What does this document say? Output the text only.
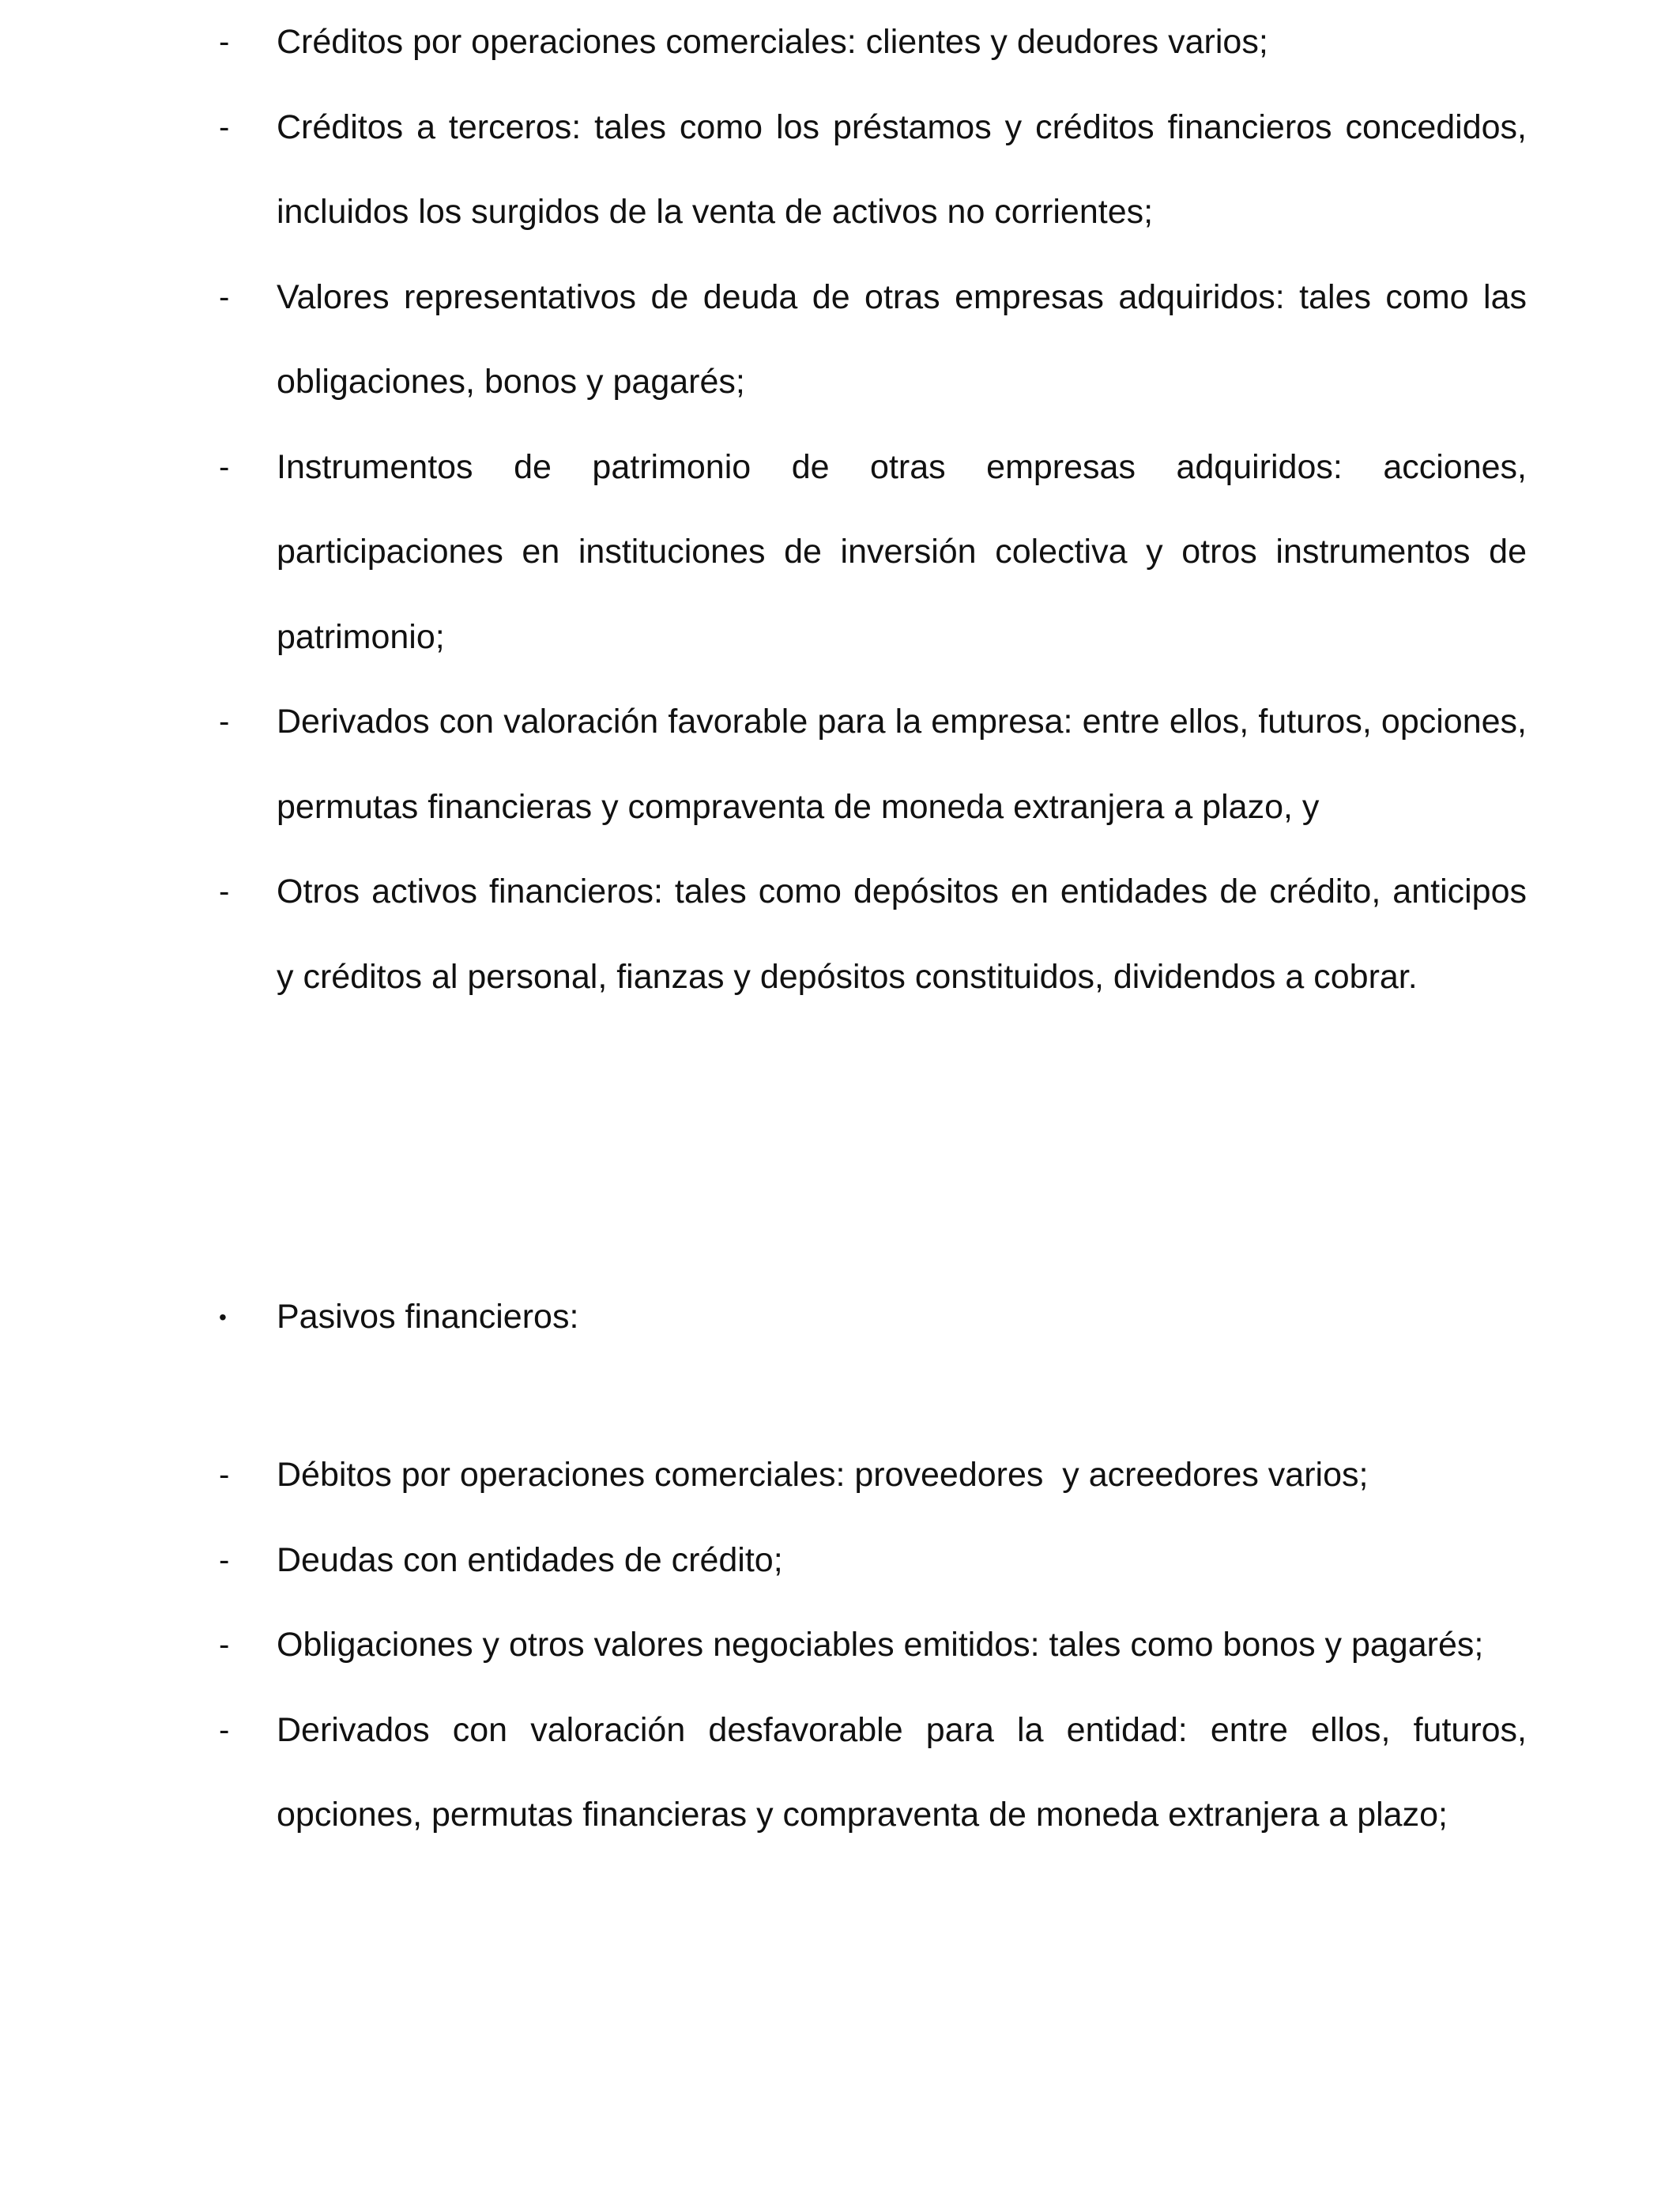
-	Créditos por operaciones comerciales: clientes y deudores varios;
-	Créditos a terceros: tales como los préstamos y créditos financieros concedidos, incluidos los surgidos de la venta de activos no corrientes;
-	Valores representativos de deuda de otras empresas adquiridos: tales como las obligaciones, bonos y pagarés;
-	Instrumentos de patrimonio de otras empresas adquiridos: acciones, participaciones en instituciones de inversión colectiva y otros instrumentos de patrimonio;
-	Derivados con valoración favorable para la empresa: entre ellos, futuros, opciones, permutas financieras y compraventa de moneda extranjera a plazo, y
-	Otros activos financieros: tales como depósitos en entidades de crédito, anticipos y créditos al personal, fianzas y depósitos constituidos, dividendos a cobrar.
•	Pasivos financieros:
-	Débitos por operaciones comerciales: proveedores  y acreedores varios;
-	Deudas con entidades de crédito;
-	Obligaciones y otros valores negociables emitidos: tales como bonos y pagarés;
-	Derivados con valoración desfavorable para la entidad: entre ellos, futuros, opciones, permutas financieras y compraventa de moneda extranjera a plazo;
